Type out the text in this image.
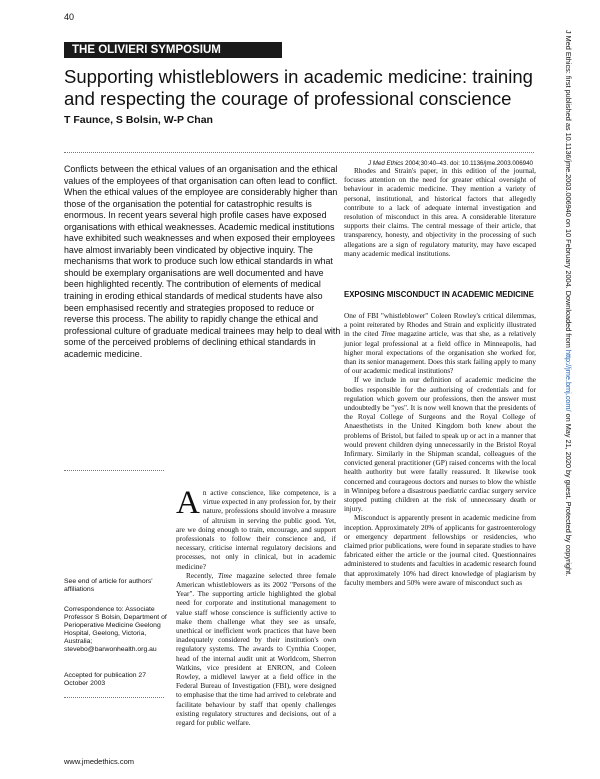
40
THE OLIVIERI SYMPOSIUM
Supporting whistleblowers in academic medicine: training and respecting the courage of professional conscience
T Faunce, S Bolsin, W-P Chan
J Med Ethics 2004;30:40–43. doi: 10.1136/jme.2003.006940

Conflicts between the ethical values of an organisation and the ethical values of the employees of that organisation can often lead to conflict. When the ethical values of the employee are considerably higher than those of the organisation the potential for catastrophic results is enormous. In recent years several high profile cases have exposed organisations with ethical weaknesses. Academic medical institutions have exhibited such weaknesses and when exposed their employees have almost invariably been vindicated by objective inquiry. The mechanisms that work to produce such low ethical standards in what should be exemplary organisations are well documented and have been highlighted recently. The contribution of elements of medical training in eroding ethical standards of medical students have also been emphasised recently and strategies proposed to reduce or reverse this process. The ability to rapidly change the ethical and professional culture of graduate medical trainees may help to deal with some of the perceived problems of declining ethical standards in academic medicine.

Rhodes and Strain's paper, in this edition of the journal, focuses attention on the need for greater ethical oversight of behaviour in academic medicine. They mention a variety of personal, institutional, and historical factors that allegedly contribute to a lack of adequate internal investigation and resolution of misconduct in this area. A considerable literature supports their claims. The central message of their article, that transparency, honesty, and objectivity in the processing of such allegations are a sign of regulatory maturity, may have escaped many academic medical institutions.

EXPOSING MISCONDUCT IN ACADEMIC MEDICINE

One of FBI "whistleblower" Coleen Rowley's critical dilemmas, a point reiterated by Rhodes and Strain and explicitly illustrated in the cited Time magazine article, was that she, as a relatively junior legal professional at a field office in Minneapolis, had higher moral expectations of the organisation she worked for, than its senior management. Does this stark failing apply to many of our academic medical institutions?

If we include in our definition of academic medicine the bodies responsible for the authorising of credentials and for regulation which govern our professions, then the answer must undoubtedly be "yes". It is now well known that the presidents of the Royal College of Surgeons and the Royal College of Anaesthetists in the United Kingdom both knew about the problems of Bristol, but failed to speak up or act in a manner that would prevent children dying unnecessarily in the Bristol Royal Infirmary. Similarly in the Shipman scandal, colleagues of the convicted general practitioner (GP) raised concerns with the local health authority but were fatally reassured. It likewise took concerned and courageous doctors and nurses to blow the whistle in Winnipeg before a disastrous paediatric cardiac surgery service stopped putting children at the risk of unnecessary death or injury.

Misconduct is apparently present in academic medicine from inception. Approximately 20% of applicants for gastroenterology or emergency department fellowships or residencies, who claimed prior publications, were found in separate studies to have fabricated either the article or the journal cited. Questionnaires administered to students and faculties in academic research found that approximately 10% had direct knowledge of plagiarism by faculty members and 50% were aware of misconduct such as

An active conscience, like competence, is a virtue expected in any profession for, by their nature, professions should involve a measure of altruism in serving the public good. Yet, are we doing enough to train, encourage, and support professionals to follow their conscience and, if necessary, criticise internal regulatory decisions and processes, not only in clinical, but in academic medicine?

Recently, Time magazine selected three female American whistleblowers as its 2002 "Persons of the Year". The supporting article highlighted the global need for corporate and institutional management to value staff whose conscience is sufficiently active to make them challenge what they see as unsafe, unethical or inefficient work practices that have been inadequately considered by their institution's own regulatory systems. The awards to Cynthia Cooper, head of the internal audit unit at Worldcom, Sherron Watkins, vice president at ENRON, and Coleen Rowley, a midlevel lawyer at a field office in the Federal Bureau of Investigation (FBI), were designed to emphasise that the time had arrived to celebrate and facilitate behaviour by staff that openly challenges existing regulatory structures and decisions, out of a regard for public welfare.

See end of article for authors' affiliations
Correspondence to: Associate Professor S Bolsin, Department of Perioperative Medicine Geelong Hospital, Geelong, Victoria, Australia; stevebo@barwonhealth.org.au
Accepted for publication 27 October 2003
www.jmedethics.com
J Med Ethics: first published as 10.1136/jme.2003.006940 on 10 February 2004. Downloaded from http://jme.bmj.com/ on May 21, 2020 by guest. Protected by copyright.
